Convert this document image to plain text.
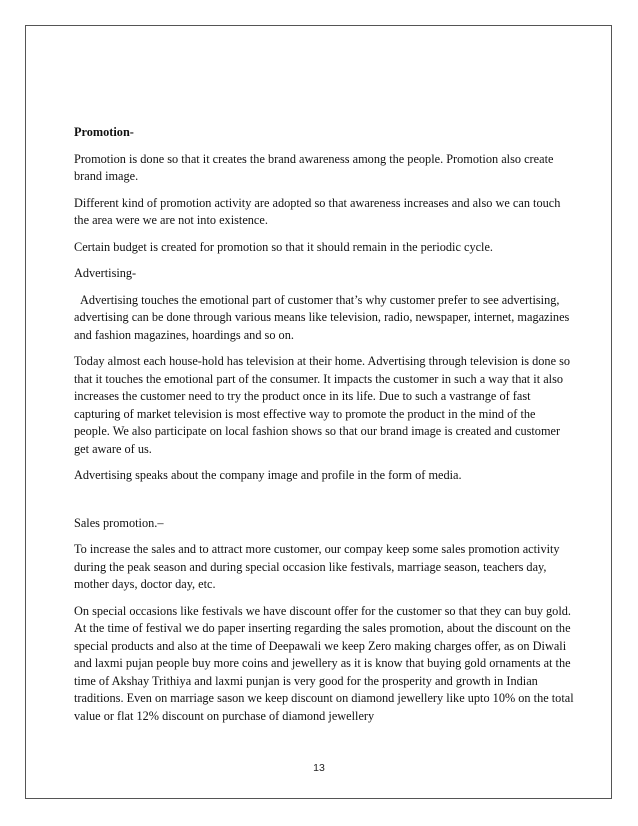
Promotion-

Promotion is done so that it creates the brand awareness among the people. Promotion also create brand image.

Different kind of promotion activity are adopted so that awareness increases and also we can touch the area were we are not into existence.

Certain budget is created for promotion so that it should remain in the periodic cycle.

Advertising-

Advertising touches the emotional part of customer that’s why customer prefer to see advertising, advertising can be done through various means like television, radio, newspaper, internet, magazines and fashion magazines, hoardings and so on.

Today almost each house-hold has television at their home. Advertising through television is done so that it touches the emotional part of the consumer. It impacts the customer in such a way that it also increases the customer need to try the product once in its life. Due to such a vastrange of fast capturing of market television is most effective way to promote the product in the mind of the people. We also participate on local fashion shows so that our brand image is created and customer get aware of us.

Advertising speaks about the company image and profile in the form of media.

Sales promotion.–

To increase the sales and to attract more customer, our compay keep some sales promotion activity during the peak season and during special occasion like festivals, marriage season, teachers day, mother days, doctor day, etc.

On special occasions like festivals we have discount offer for the customer so that they can buy gold. At the time of festival we do paper inserting regarding the sales promotion, about the discount on the special products and also at the time of Deepawali we keep Zero making charges offer, as on Diwali and laxmi pujan people buy more coins and jewellery as it is know that buying gold ornaments at the time of Akshay Trithiya and laxmi punjan is very good for the prosperity and growth in Indian traditions. Even on marriage sason we keep discount on diamond jewellery like upto 10% on the total value or flat 12% discount on purchase of diamond jewellery

13
